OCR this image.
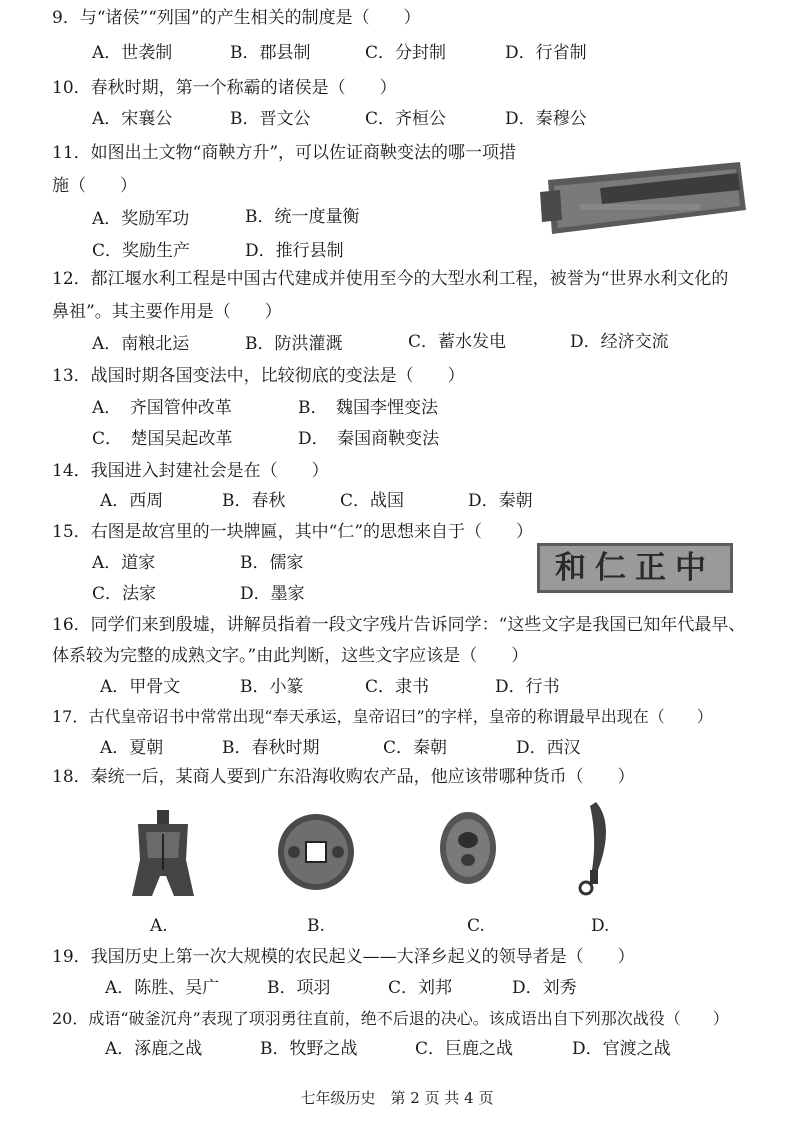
9．与“诸侯”“列国”的产生相关的制度是（　　）
A．世袭制	B．郡县制	C．分封制	D．行省制
10．春秋时期，第一个称霸的诸侯是（　　）
A．宋襄公	B．晋文公	C．齐桓公	D．秦穆公
11．如图出土文物“商鞅方升”，可以佐证商鞅变法的哪一项措
施（　　）
A．奖励军功	B．统一度量衡
C．奖励生产	D．推行县制
12．都江堰水利工程是中国古代建成并使用至今的大型水利工程，被誉为“世界水利文化的
鼻祖”。其主要作用是（　　）
A．南粮北运	B．防洪灌溉	C．蓄水发电	D．经济交流
13．战国时期各国变法中，比较彻底的变法是（　　）
A．　齐国管仲改革	B．　魏国李悝变法
C．　楚国吴起改革	D．　秦国商鞅变法
14．我国进入封建社会是在（　　）
A．西周	B．春秋	C．战国	D．秦朝
15．右图是故宫里的一块牌匾，其中“仁”的思想来自于（　　）
A．道家	B．儒家
C．法家	D．墨家
和仁正中
16．同学们来到殷墟，讲解员指着一段文字残片告诉同学：“这些文字是我国已知年代最早、
体系较为完整的成熟文字。”由此判断，这些文字应该是（　　）
A．甲骨文	B．小篆	C．隶书	D．行书
17．古代皇帝诏书中常常出现“奉天承运，皇帝诏曰”的字样，皇帝的称谓最早出现在（　　）
A．夏朝	B．春秋时期	C．秦朝	D．西汉
18．秦统一后，某商人要到广东沿海收购农产品，他应该带哪种货币（　　）
A.	B.	C.	D.
19．我国历史上第一次大规模的农民起义——大泽乡起义的领导者是（　　）
A．陈胜、吴广	B．项羽	C．刘邦	D．刘秀
20．成语“破釜沉舟”表现了项羽勇往直前，绝不后退的决心。该成语出自下列那次战役（　　）
A．涿鹿之战	B．牧野之战	C．巨鹿之战	D．官渡之战
七年级历史　第 2 页 共 4 页
